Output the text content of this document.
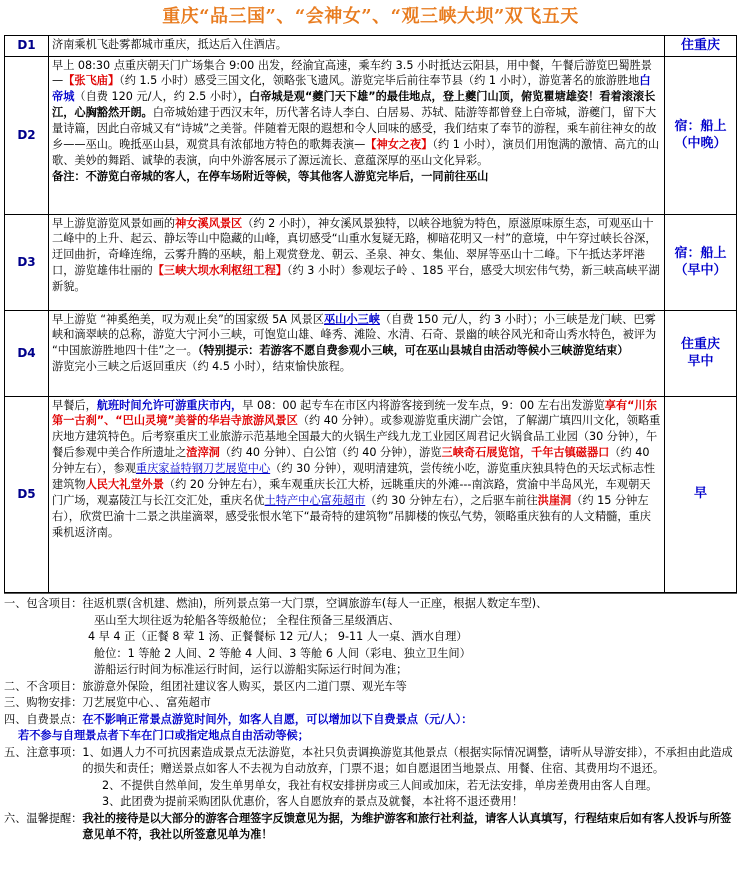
重庆“品三国”、“会神女”、“观三峡大坝”双飞五天
D1	济南乘机飞赴雾都城市重庆，抵达后入住酒店。	住重庆

D2	早上 08:30 点重庆朝天门广场集合 9:00 出发，经渝宜高速，乘车约 3.5 小时抵达云阳县，用中餐，午餐后游览巴蜀胜景—【张飞庙】（约 1.5 小时）感受三国文化，领略张飞遗风。游览完毕后前往奉节县（约 1 小时），游览著名的旅游胜地白帝城（自费 120 元/人，约 2.5 小时），白帝城是观“夔门天下雄”的最佳地点，登上夔门山顶，俯览瞿塘雄姿！看着滚滚长江，心胸豁然开朗。白帝城始建于西汉末年，历代著名诗人李白、白居易、苏轼、陆游等都曾登上白帝城，游夔门，留下大量诗篇，因此白帝城又有“诗城”之美誉。伴随着无限的遐想和令人回味的感受，我们结束了奉节的游程，乘车前往神女的故乡——巫山。晚抵巫山县，观赏具有浓郁地方特色的歌舞表演—【神女之夜】（约 1 小时），演员们用饱满的激情、高亢的山歌、美妙的舞蹈、诚挚的表演，向中外游客展示了源远流长、意蕴深厚的巫山文化异彩。
备注：不游览白帝城的客人，在停车场附近等候，等其他客人游览完毕后，一同前往巫山	宿：船上
（中晚）

D3	早上游览游览风景如画的神女溪风景区（约 2 小时），神女溪风景独特，以峡谷地貌为特色，原滋原味原生态，可观巫山十二峰中的上升、起云、静坛等山中隐藏的山峰，真切感受“山重水复疑无路，柳暗花明又一村”的意境，中午穿过峡长谷深，迂回曲折，奇峰连绵，云雾升腾的巫峡，船上观赏登龙、朝云、圣泉、神女、集仙、翠屏等巫山十二峰。下午抵达茅坪港口，游览雄伟壮丽的【三峡大坝水利枢纽工程】（约 3 小时）参观坛子岭 、185 平台，感受大坝宏伟气势，新三峡高峡平湖新貌。	宿：船上
（早中）

D4	早上游览 “神奚绝美，叹为观止矣”的国家级 5A 风景区巫山小三峡（自费 150 元/人，约 3 小时）；小三峡是龙门峡、巴雾峡和滴翠峡的总称，游览大宁河小三峡，可饱览山雄、峰秀、滩险、水清、石奇、景幽的峡谷风光和奇山秀水特色，被评为 “中国旅游胜地四十佳”之一。（特别提示：若游客不愿自费参观小三峡，可在巫山县城自由活动等候小三峡游览结束）
游览完小三峡之后返回重庆（约 4.5 小时），结束愉快旅程。	住重庆
早中

D5	早餐后，航班时间允许可游重庆市内，早 08：00 起专车在市区内将游客接到统一发车点，9：00 左右出发游览享有“川东第一古刹”、“巴山灵境”美誉的华岩寺旅游风景区（约 40 分钟）。或参观游览重庆湖广会馆，了解湖广填四川文化，领略重庆地方建筑特色。后考察重庆工业旅游示范基地全国最大的火锅生产线九龙工业园区周君记火锅食品工业园（30 分钟），午餐后参观中美合作所遗址之渣滓洞（约 40 分钟）、白公馆（约 40 分钟），游览三峡奇石展览馆，千年古镇磁器口（约 40 分钟左右），参观重庆家益特钢刀艺展览中心（约 30 分钟），观明清建筑，尝传统小吃，游览重庆独具特色的天坛式标志性建筑物人民大礼堂外景（约 20 分钟左右），乘车观重庆长江大桥，远眺重庆的外滩---南滨路，赏渝中半岛风光，车观朝天门广场，观嘉陵江与长江交汇处，重庆名优土特产中心富苑超市（约 30 分钟左右），之后驱车前往洪崖洞（约 15 分钟左右），欣赏巴渝十二景之洪崖滴翠，感受张恨水笔下“最奇特的建筑物”吊脚楼的恢弘气势，领略重庆独有的人文精髓，重庆乘机返济南。	早
一、包含项目： 往返机票(含机建、燃油)，所列景点第一大门票，空调旅游车(每人一正座，根据人数定车型)、
巫山至大坝往返为轮船各等级舱位； 全程住预备三星级酒店、
4 早 4 正（正餐 8 荤 1 汤、正餐餐标 12 元/人； 9-11 人一桌、酒水自理）
舱位：1 等舱 2 人间、2 等舱 4 人间、3 等舱 6 人间（彩电、独立卫生间）
游船运行时间为标准运行时间，运行以游船实际运行时间为准；
二、不含项目： 旅游意外保险，组团社建议客人购买，景区内二道门票、观光车等
三、购物安排： 刀艺展览中心、、富苑超市
四、自费景点： 在不影响正常景点游览时间外，如客人自愿，可以增加以下自费景点（元/人）：
若不参与自理景点者下车在门口或指定地点自由活动等候；
五、注意事项： 1、如遇人力不可抗因素造成景点无法游览，本社只负责调换游览其他景点（根据实际情况调整，请听从导游安排），不承担由此造成的损失和责任；赠送景点如客人不去视为自动放弃，门票不退；如自愿退团当地景点、用餐、住宿、其费用均不退还。
2、不提供自然单间，发生单男单女，我社有权安排拼房或三人间或加床，若无法安排，单房差费用由客人自理。
3、此团费为提前采购团队优惠价，客人自愿放弃的景点及就餐，本社将不退还费用！
六、温馨提醒： 我社的接待是以大部分的游客合理签字反馈意见为据，为维护游客和旅行社利益，请客人认真填写，行程结束后如有客人投诉与所签意见单不符，我社以所签意见单为准！
